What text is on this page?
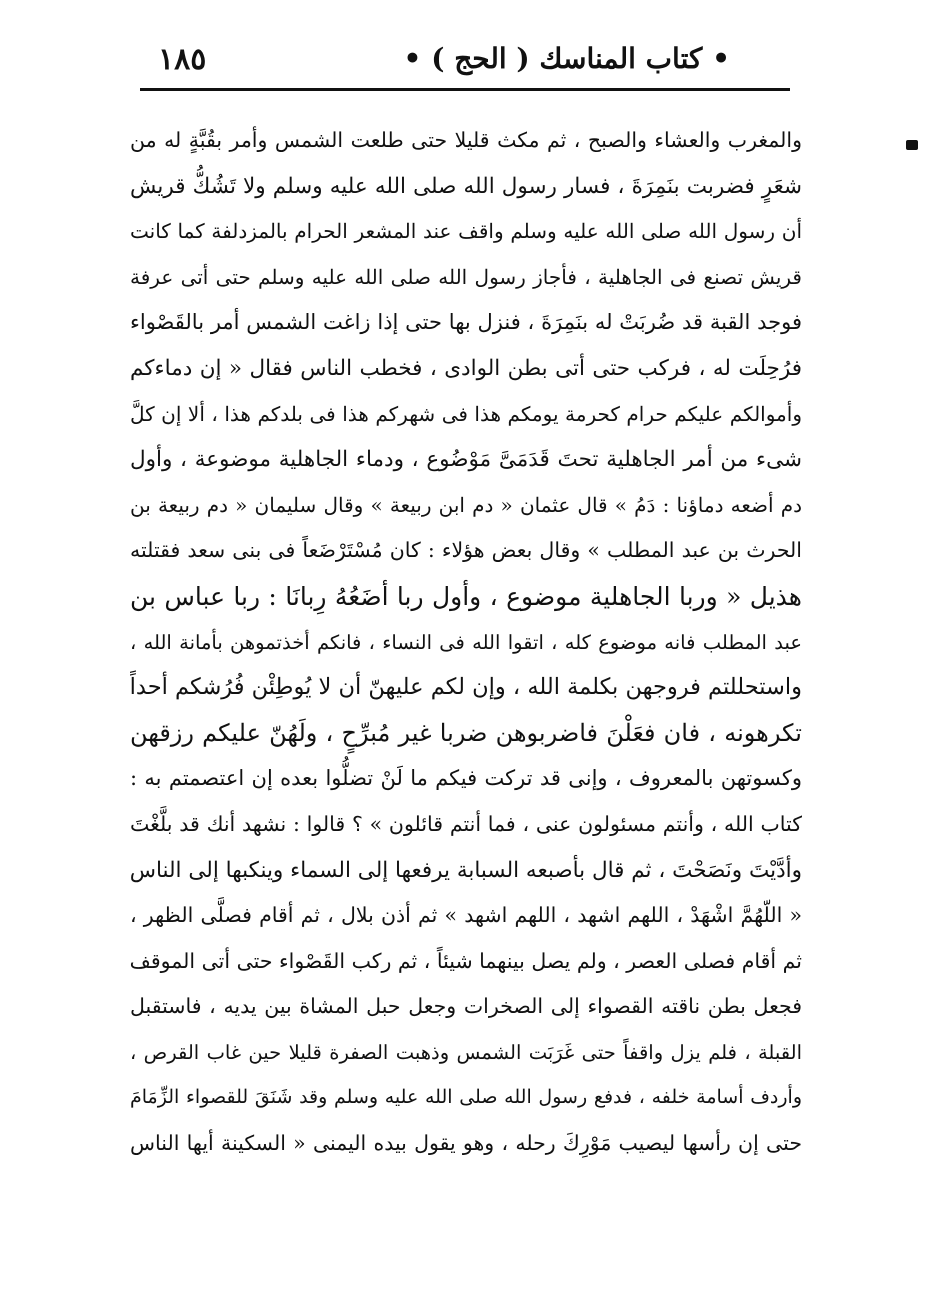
١٨٥	• كتاب المناسك ( الحج ) •
والمغرب والعشاء والصبح ، ثم مكث قليلا حتى طلعت الشمس وأمر بقُبَّةٍ له من
شعَرٍ فضربت بنَمِرَةَ ، فسار رسول الله صلى الله عليه وسلم ولا تَشُكُّ قريش
أن رسول الله صلى الله عليه وسلم واقف عند المشعر الحرام بالمزدلفة كما كانت
قريش تصنع فى الجاهلية ، فأجاز رسول الله صلى الله عليه وسلم حتى أتى عرفة
فوجد القبة قد ضُربَتْ له بنَمِرَةَ ، فنزل بها حتى إذا زاغت الشمس أمر بالقَصْواء
فرُحِلَت له ، فركب حتى أتى بطن الوادى ، فخطب الناس فقال « إن دماءكم
وأموالكم عليكم حرام كحرمة يومكم هذا فى شهركم هذا فى بلدكم هذا ، ألا إن كلَّ
شىء من أمر الجاهلية تحتَ قَدَمَىَّ مَوْضُوع ، ودماء الجاهلية موضوعة ، وأول
دم أضعه دماؤنا : دَمُ » قال عثمان « دم ابن ربيعة » وقال سليمان « دم ربيعة بن
الحرث بن عبد المطلب » وقال بعض هؤلاء : كان مُسْتَرْضَعاً فى بنى سعد فقتلته
هذيل « وربا الجاهلية موضوع ، وأول ربا أضَعُهُ رِبانَا : ربا عباس بن
عبد المطلب فانه موضوع كله ، اتقوا الله فى النساء ، فانكم أخذتموهن بأمانة الله ،
واستحللتم فروجهن بكلمة الله ، وإن لكم عليهنّ أن لا يُوطِئْن فُرُشكم أحداً
تكرهونه ، فان فعَلْنَ فاضربوهن ضربا غير مُبرِّحٍ ، ولَهُنّ عليكم رزقهن
وكسوتهن بالمعروف ، وإنى قد تركت فيكم ما لَنْ تضلُّوا بعده إن اعتصمتم به :
كتاب الله ، وأنتم مسئولون عنى ، فما أنتم قائلون » ؟ قالوا : نشهد أنك قد بلَّغْتَ
وأدَّيْتَ ونَصَحْتَ ، ثم قال بأصبعه السبابة يرفعها إلى السماء وينكبها إلى الناس
« اللّهُمَّ اشْهَدْ ، اللهم اشهد ، اللهم اشهد » ثم أذن بلال ، ثم أقام فصلَّى الظهر ،
ثم أقام فصلى العصر ، ولم يصل بينهما شيئاً ، ثم ركب القَصْواء حتى أتى الموقف
فجعل بطن ناقته القصواء إلى الصخرات وجعل حبل المشاة بين يديه ، فاستقبل
القبلة ، فلم يزل واقفاً حتى غَرَبَت الشمس وذهبت الصفرة قليلا حين غاب القرص ،
وأردف أسامة خلفه ، فدفع رسول الله صلى الله عليه وسلم وقد شَنَقَ للقصواء الزِّمَامَ
حتى إن رأسها ليصيب مَوْرِكَ رحله ، وهو يقول بيده اليمنى « السكينة أيها الناس
